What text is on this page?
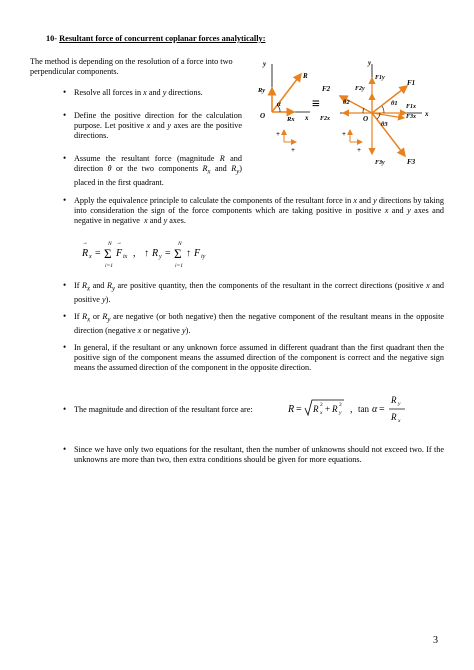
10- Resultant force of concurrent coplanar forces analytically:

The method is depending on the resolution of a force into two perpendicular components.

• Resolve all forces in x and y directions.

• Define the positive direction for the calculation purpose. Let positive x and y axes are the positive directions.

• Assume the resultant force (magnitude R and direction θ or the two components $R_x$ and $R_y$) placed in the first quadrant.

y
x
O
R
Ry
Rx
α
+
+
≡
y
x
O
F1
F2
F3
F1y
F2y
F3y
F1x
F2x	F3x
θ1
θ2
θ3
+
+
• Apply the equivalence principle to calculate the components of the resultant force in x and y directions by taking into consideration the sign of the force components which are taking positive in positive x and y axes and negative in negative  x and y axes.

→
R x = Σ
N
i=1
→
F ix , ↑ R y = Σ
N
i=1
↑ F iy
• If $R_x$ and $R_y$ are positive quantity, then the components of the resultant in the correct directions (positive x and positive y).

• If $R_x$ or $R_y$ are negative (or both negative) then the negative component of the resultant means in the opposite direction (negative x or negative y).

• In general, if the resultant or any unknown force assumed in different quadrant than the first quadrant then the positive sign of the component means the assumed direction of the component is correct and the negative sign means the assumed direction of the component in the opposite direction.

• The magnitude and direction of the resultant force are:	R = R x
2 + R y
2 , tan α =
R y
R x
• Since we have only two equations for the resultant, then the number of unknowns should not exceed two. If the unknowns are more than two, then extra conditions should be given for more equations.

3
